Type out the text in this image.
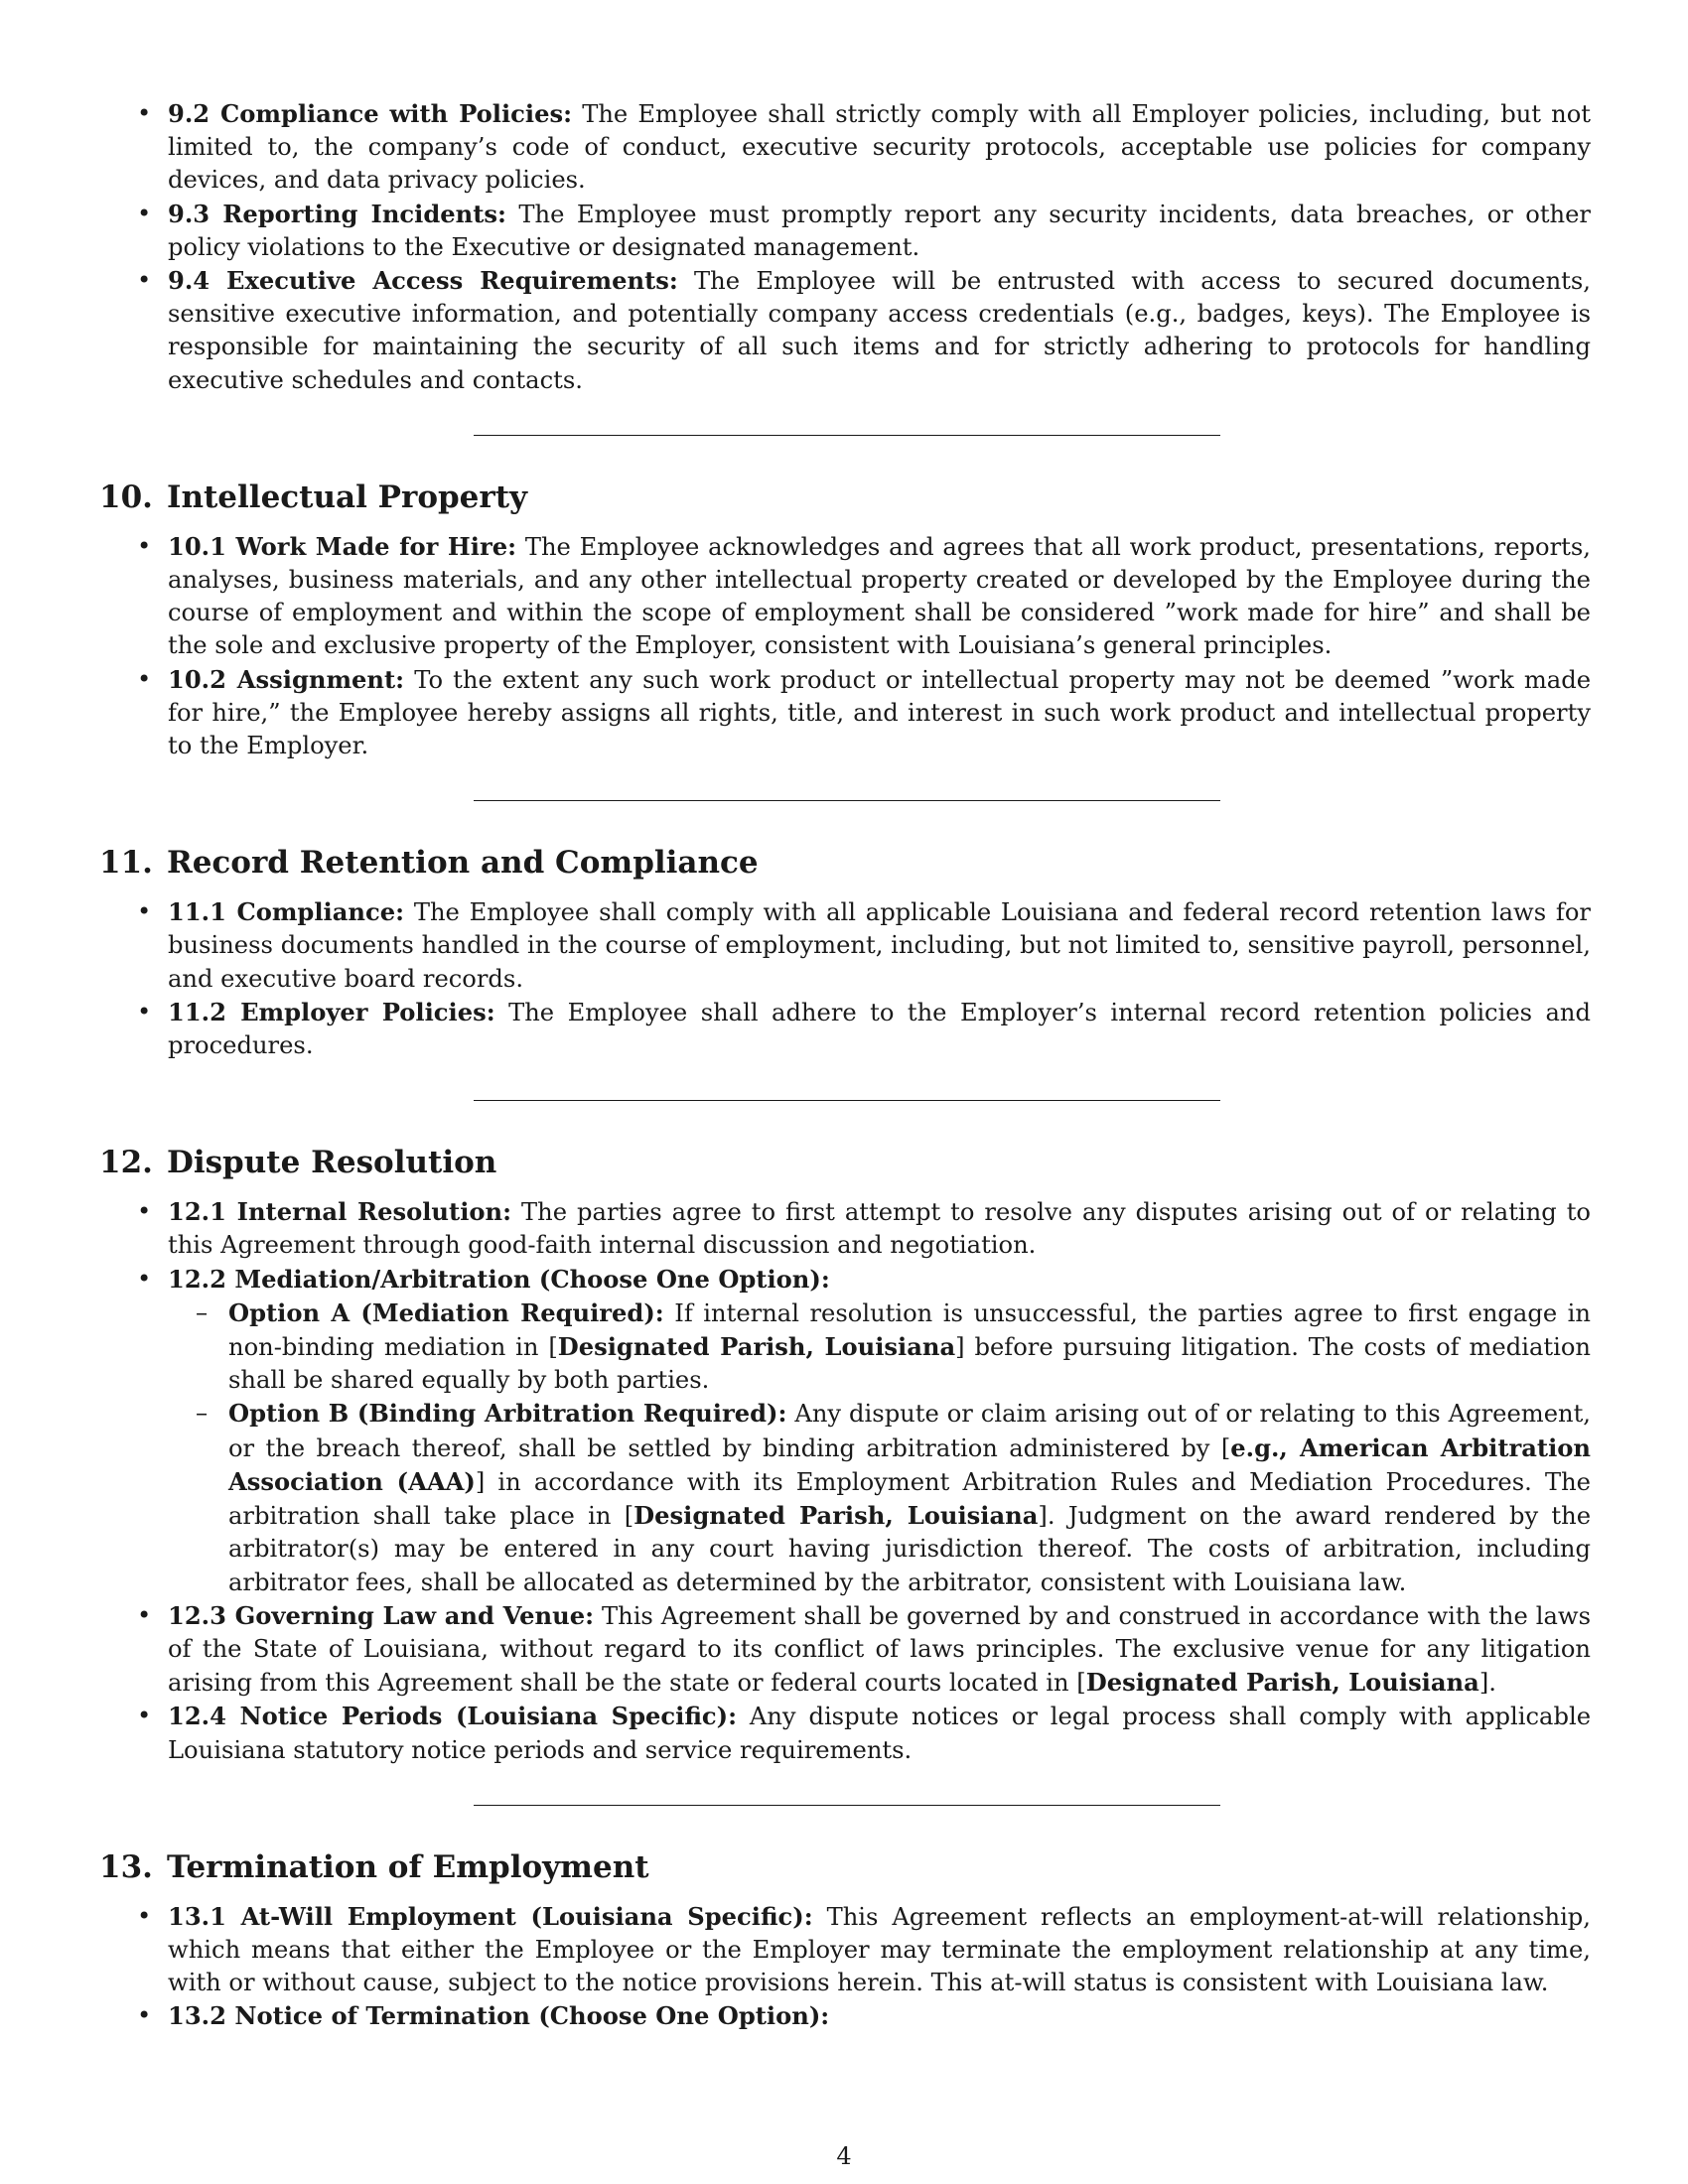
• 9.2 Compliance with Policies: The Employee shall strictly comply with all Employer policies, including, but not limited to, the company’s code of conduct, executive security protocols, acceptable use policies for company devices, and data privacy policies.
• 9.3 Reporting Incidents: The Employee must promptly report any security incidents, data breaches, or other policy violations to the Executive or designated management.
• 9.4 Executive Access Requirements: The Employee will be entrusted with access to secured documents, sensitive executive information, and potentially company access credentials (e.g., badges, keys). The Employee is responsible for maintaining the security of all such items and for strictly adhering to protocols for handling executive schedules and contacts.
10. Intellectual Property
• 10.1 Work Made for Hire: The Employee acknowledges and agrees that all work product, presentations, reports, analyses, business materials, and any other intellectual property created or developed by the Employee during the course of employment and within the scope of employment shall be considered ”work made for hire” and shall be the sole and exclusive property of the Employer, consistent with Louisiana’s general principles.
• 10.2 Assignment: To the extent any such work product or intellectual property may not be deemed ”work made for hire,” the Employee hereby assigns all rights, title, and interest in such work product and intellectual property to the Employer.
11. Record Retention and Compliance
• 11.1 Compliance: The Employee shall comply with all applicable Louisiana and federal record retention laws for business documents handled in the course of employment, including, but not limited to, sensitive payroll, personnel, and executive board records.
• 11.2 Employer Policies: The Employee shall adhere to the Employer’s internal record retention policies and procedures.
12. Dispute Resolution
• 12.1 Internal Resolution: The parties agree to first attempt to resolve any disputes arising out of or relating to this Agreement through good-faith internal discussion and negotiation.
• 12.2 Mediation/Arbitration (Choose One Option):
– Option A (Mediation Required): If internal resolution is unsuccessful, the parties agree to first engage in non-binding mediation in [Designated Parish, Louisiana] before pursuing litigation. The costs of mediation shall be shared equally by both parties.
– Option B (Binding Arbitration Required): Any dispute or claim arising out of or relating to this Agreement, or the breach thereof, shall be settled by binding arbitration administered by [e.g., American Arbitration Association (AAA)] in accordance with its Employment Arbitration Rules and Mediation Procedures. The arbitration shall take place in [Designated Parish, Louisiana]. Judgment on the award rendered by the arbitrator(s) may be entered in any court having jurisdiction thereof. The costs of arbitration, including arbitrator fees, shall be allocated as determined by the arbitrator, consistent with Louisiana law.
• 12.3 Governing Law and Venue: This Agreement shall be governed by and construed in accordance with the laws of the State of Louisiana, without regard to its conflict of laws principles. The exclusive venue for any litigation arising from this Agreement shall be the state or federal courts located in [Designated Parish, Louisiana].
• 12.4 Notice Periods (Louisiana Specific): Any dispute notices or legal process shall comply with applicable Louisiana statutory notice periods and service requirements.
13. Termination of Employment
• 13.1 At-Will Employment (Louisiana Specific): This Agreement reflects an employment-at-will relationship, which means that either the Employee or the Employer may terminate the employment relationship at any time, with or without cause, subject to the notice provisions herein. This at-will status is consistent with Louisiana law.
• 13.2 Notice of Termination (Choose One Option):
4
